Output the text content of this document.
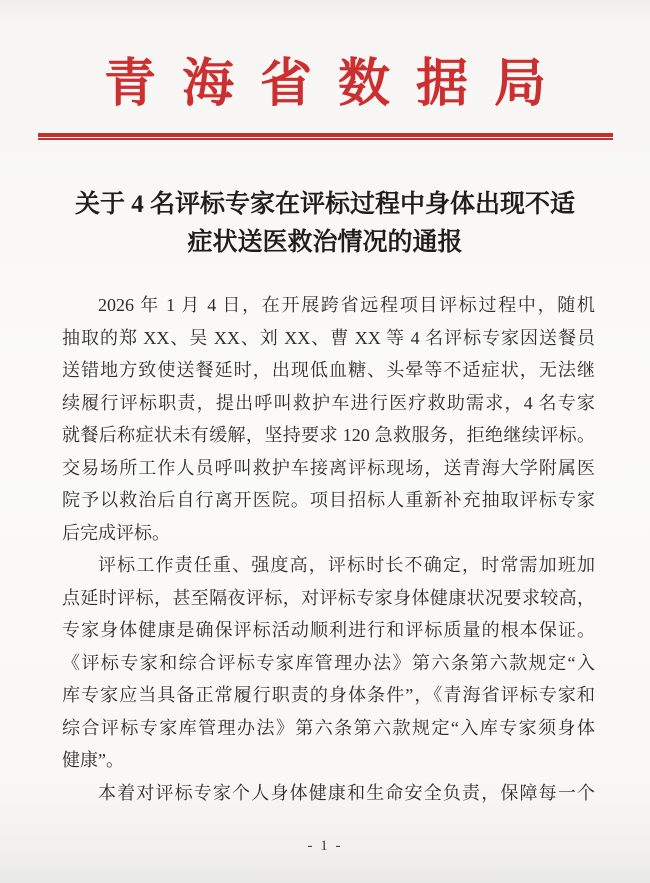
青海省数据局
关于 4 名评标专家在评标过程中身体出现不适
症状送医救治情况的通报
2026 年 1 月 4 日，在开展跨省远程项目评标过程中，随机
抽取的郑 XX、吴 XX、刘 XX、曹 XX 等 4 名评标专家因送餐员
送错地方致使送餐延时，出现低血糖、头晕等不适症状，无法继
续履行评标职责，提出呼叫救护车进行医疗救助需求，4 名专家
就餐后称症状未有缓解，坚持要求 120 急救服务，拒绝继续评标。
交易场所工作人员呼叫救护车接离评标现场，送青海大学附属医
院予以救治后自行离开医院。项目招标人重新补充抽取评标专家
后完成评标。
评标工作责任重、强度高，评标时长不确定，时常需加班加
点延时评标，甚至隔夜评标，对评标专家身体健康状况要求较高，
专家身体健康是确保评标活动顺利进行和评标质量的根本保证。
《评标专家和综合评标专家库管理办法》第六条第六款规定“入
库专家应当具备正常履行职责的身体条件”，《青海省评标专家和
综合评标专家库管理办法》第六条第六款规定“入库专家须身体
健康”。
本着对评标专家个人身体健康和生命安全负责，保障每一个
- 1 -
